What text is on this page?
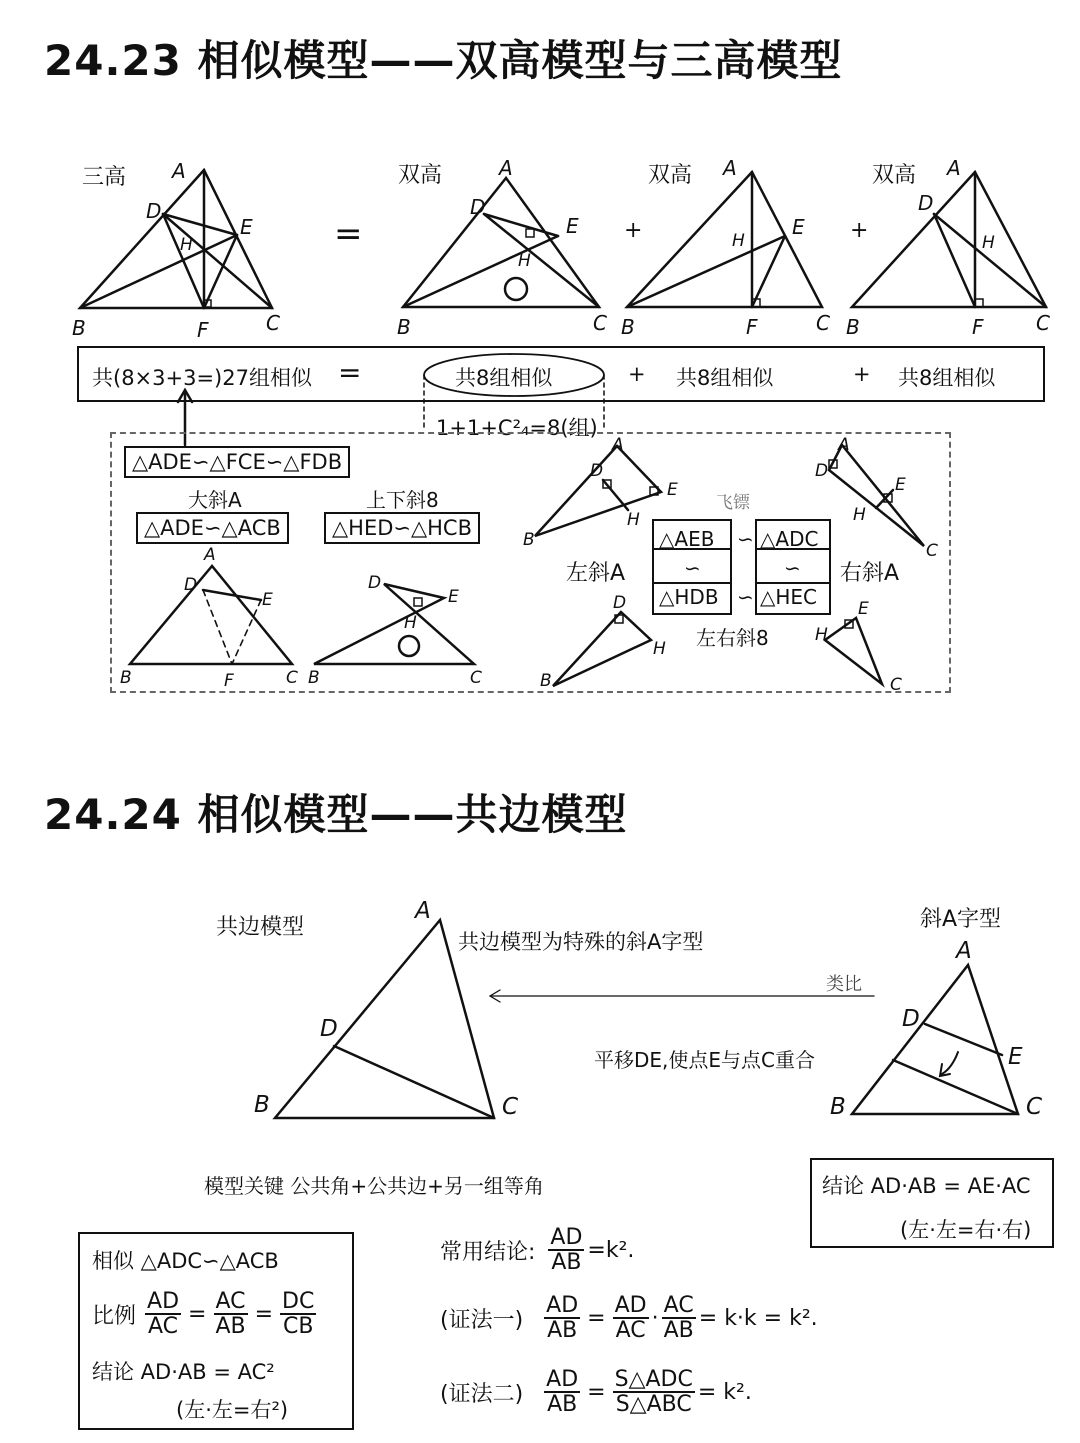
24.23 相似模型——双高模型与三高模型
A
D
E
H
B	F	C
A
D
E
H
B	C
A
E
H
B	F	C
A
D
H
B	F	C
A
D
E
B	F	C
D
E
H
B	C
A
D
E
H
B
D
H
B
A
D
E
H
C
E
H
C
三高	双高	双高	双高
=	+	+
共(8×3+3=)27组相似 =	共8组相似	+ 共8组相似	+ 共8组相似
1+1+C²₄=8(组)
△ADE∽△FCE∽△FDB
大斜A
△ADE∽△ACB
上下斜8
△HED∽△HCB
左斜A	右斜A
飞镖
△AEB ∽ △ADC
∽	∽
△HDB ∽ △HEC
左右斜8
24.24 相似模型——共边模型
A
D
B	C
A
D
E
B	C
共边模型
共边模型为特殊的斜A字型
类比
斜A字型
平移DE,使点E与点C重合
模型关键 公共角+公共边+另一组等角	结论 AD·AB = AE·AC
(左·左=右·右)
相似 △ADC∽△ACB
比例 $\frac{AD}{AC} = \frac{AC}{AB} = \frac{DC}{CB}$
结论 AD·AB = AC²
(左·左=右²)
常用结论: $\frac{AD}{AB} =k^2$.
(证法一) $\frac{AD}{AB} = \frac{AD}{AC} \cdot \frac{AC}{AB} = k\cdot k = k^2$.
(证法二) $\frac{AD}{AB} = \frac{\text{S△ADC}}{\text{S△ABC}} = k^2$.
